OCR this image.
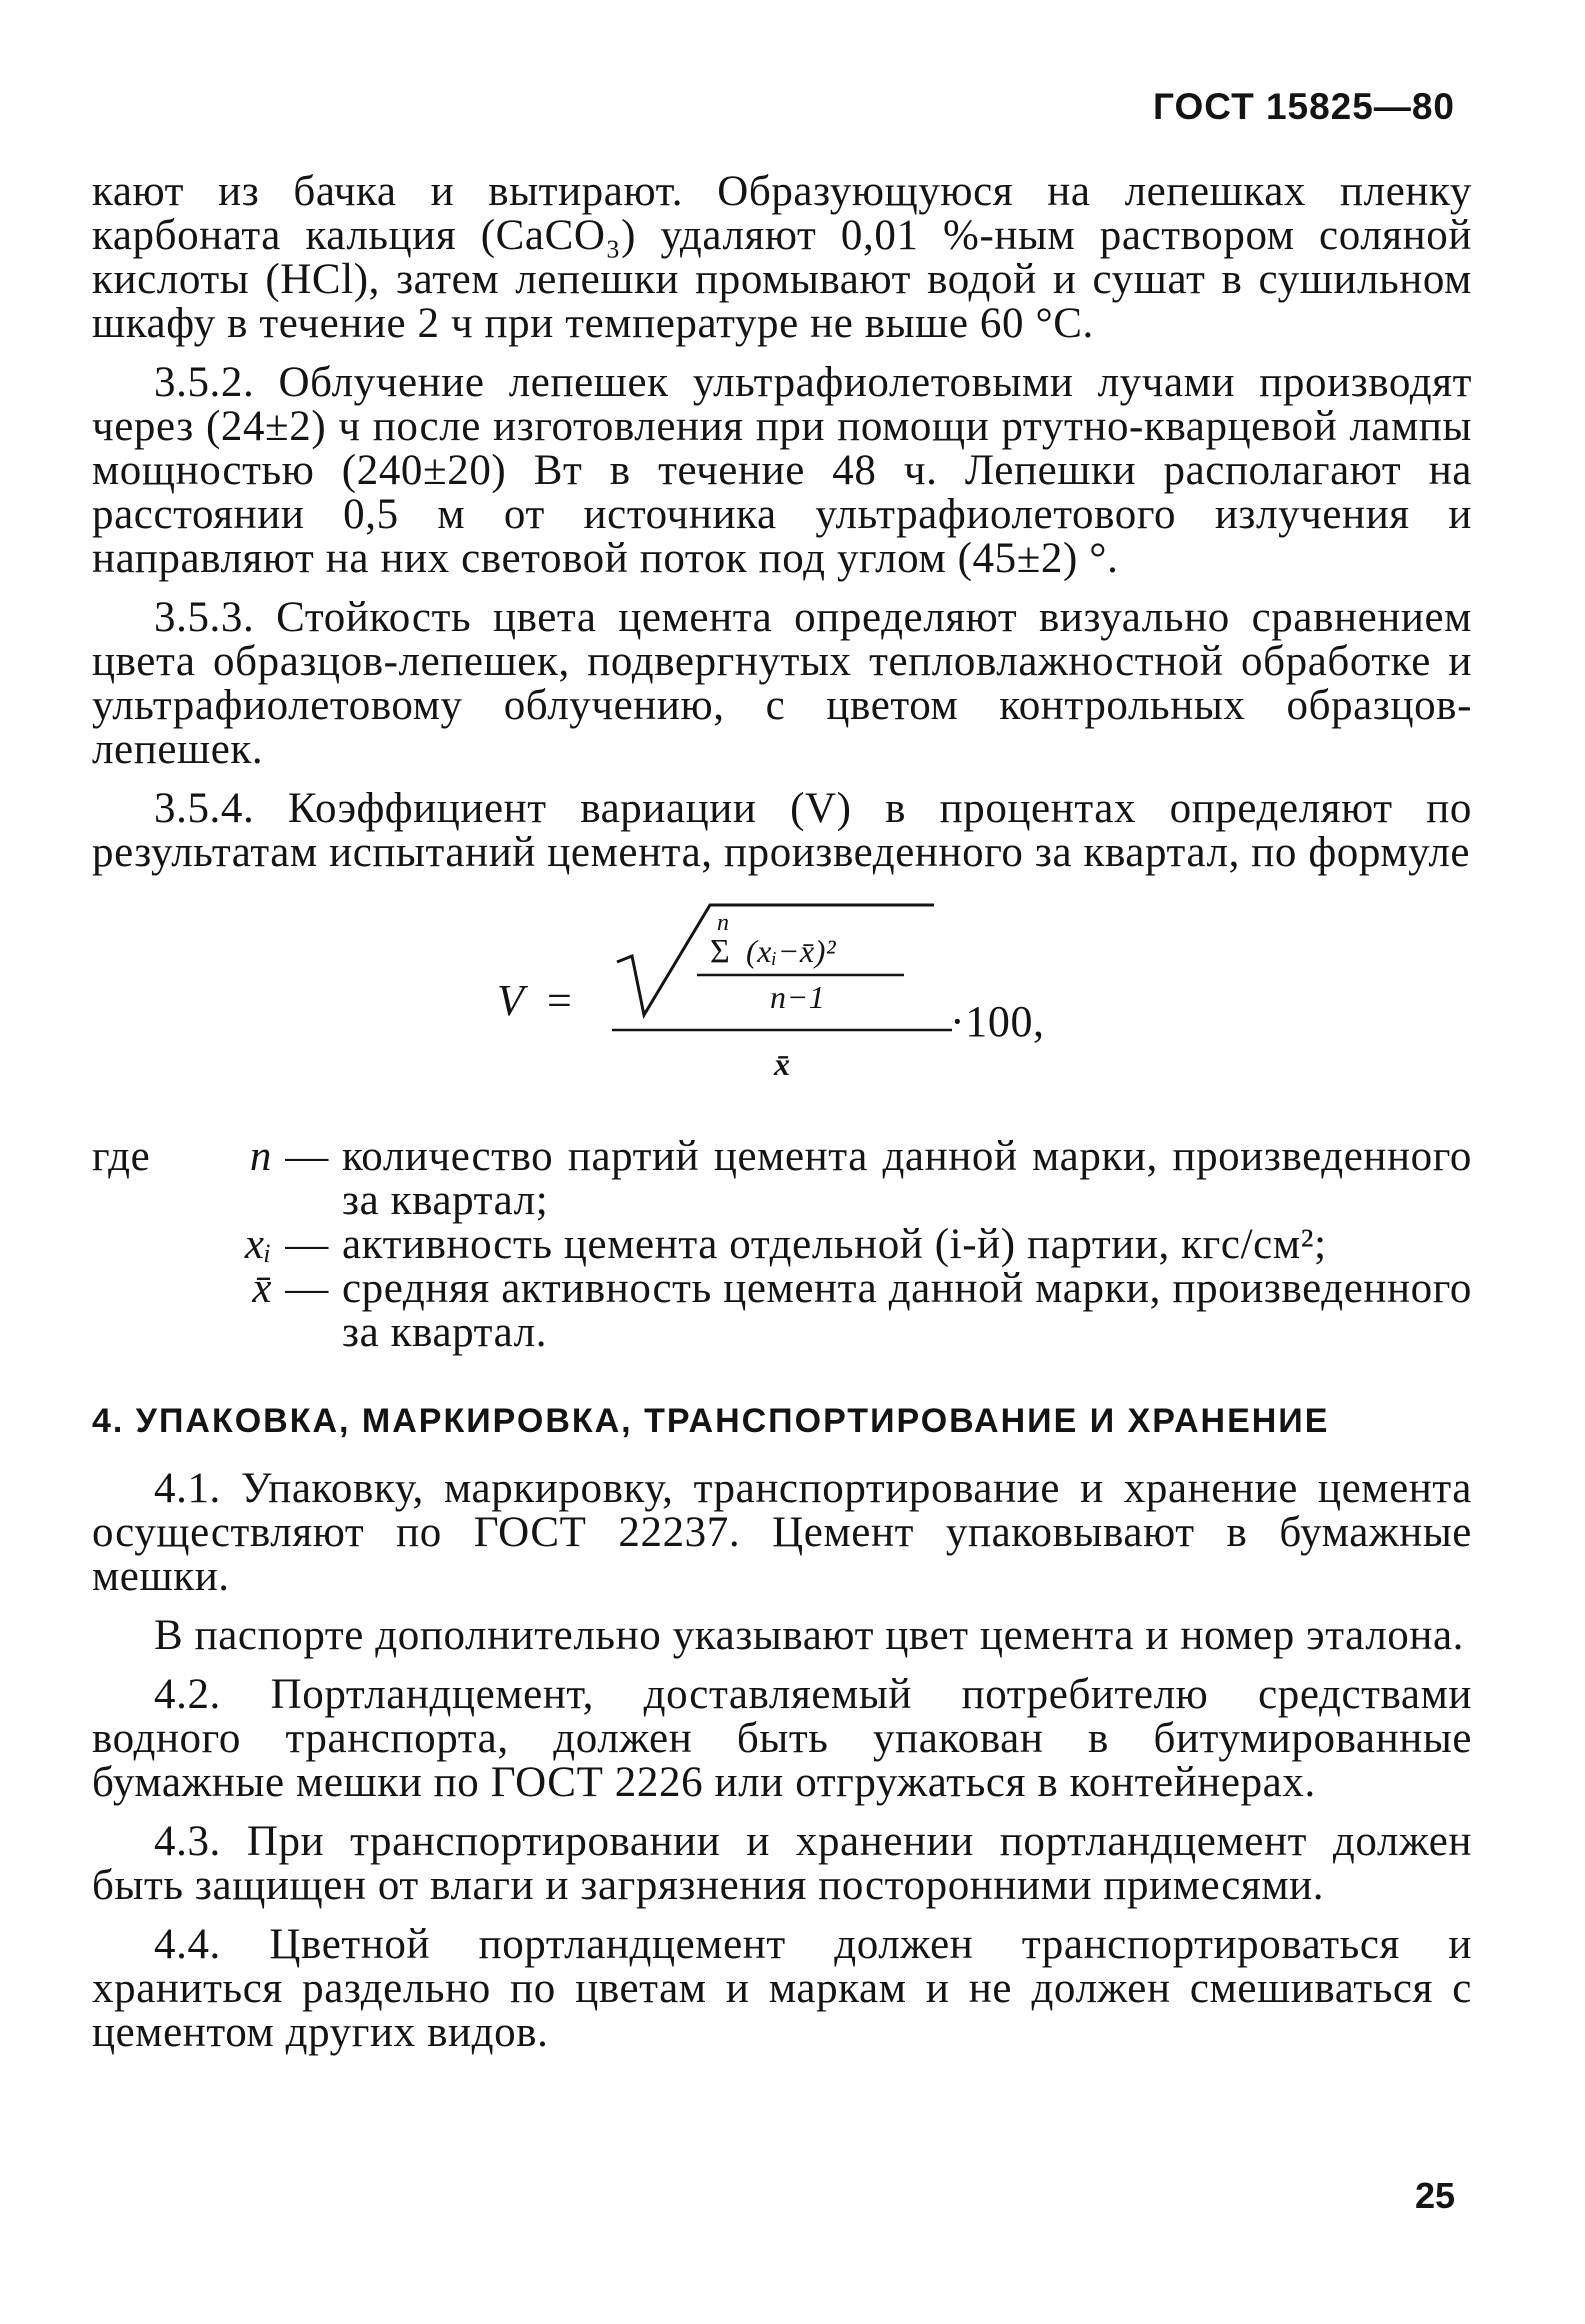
ГОСТ 15825—80

кают из бачка и вытирают. Образующуюся на лепешках пленку карбоната кальция (СаСО₃) удаляют 0,01 %-ным раствором соляной кислоты (HCl), затем лепешки промывают водой и сушат в сушильном шкафу в течение 2 ч при температуре не выше 60 °С.

3.5.2. Облучение лепешек ультрафиолетовыми лучами производят через (24±2) ч после изготовления при помощи ртутно-кварцевой лампы мощностью (240±20) Вт в течение 48 ч. Лепешки располагают на расстоянии 0,5 м от источника ультрафиолетового излучения и направляют на них световой поток под углом (45±2) °.

3.5.3. Стойкость цвета цемента определяют визуально сравнением цвета образцов-лепешек, подвергнутых тепловлажностной обработке и ультрафиолетовому облучению, с цветом контрольных образцов-лепешек.

3.5.4. Коэффициент вариации (V) в процентах определяют по результатам испытаний цемента, произведенного за квартал, по формуле

V =
n
Σ (xᵢ−x̄)²
n−1
x̄
·100,
где	n — количество партий цемента данной марки, произведенного за квартал;
xᵢ — активность цемента отдельной (i-й) партии, кгс/см²;
x̄ — средняя активность цемента данной марки, произведенного за квартал.
4. УПАКОВКА, МАРКИРОВКА, ТРАНСПОРТИРОВАНИЕ И ХРАНЕНИЕ

4.1. Упаковку, маркировку, транспортирование и хранение цемента осуществляют по ГОСТ 22237. Цемент упаковывают в бумажные мешки.

В паспорте дополнительно указывают цвет цемента и номер эталона.

4.2. Портландцемент, доставляемый потребителю средствами водного транспорта, должен быть упакован в битумированные бумажные мешки по ГОСТ 2226 или отгружаться в контейнерах.

4.3. При транспортировании и хранении портландцемент должен быть защищен от влаги и загрязнения посторонними примесями.

4.4. Цветной портландцемент должен транспортироваться и храниться раздельно по цветам и маркам и не должен смешиваться с цементом других видов.

25
